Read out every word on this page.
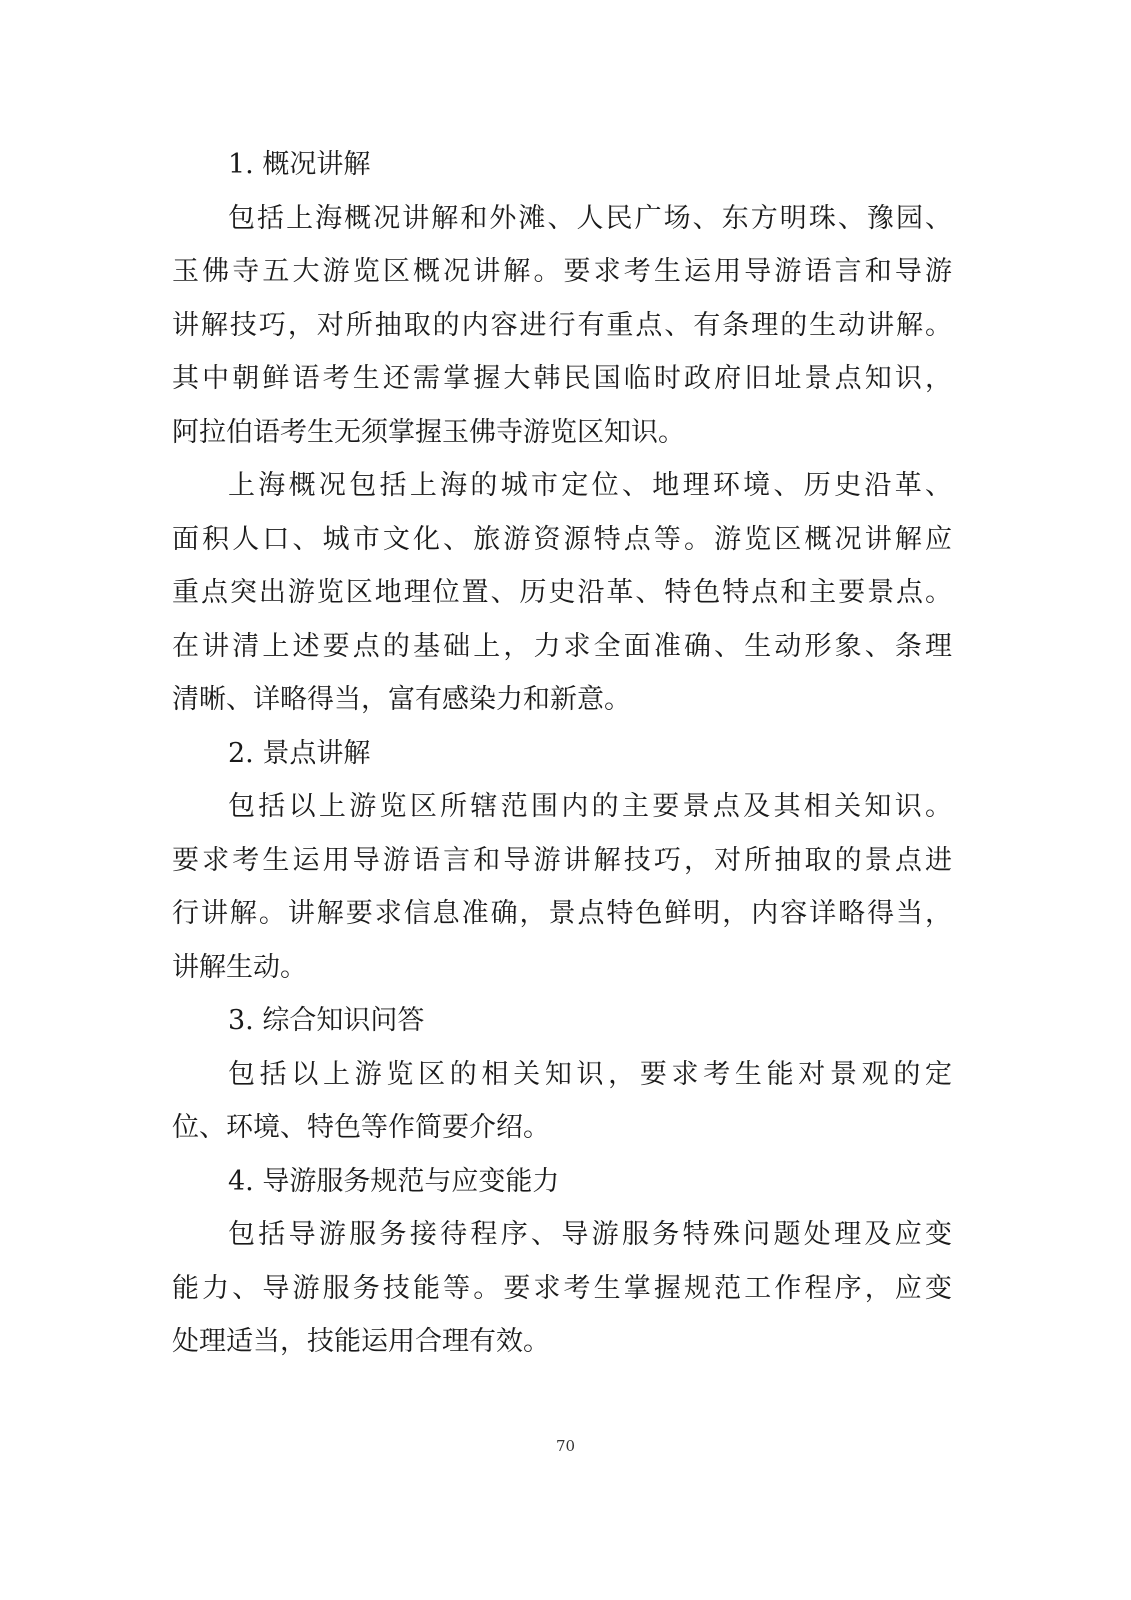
1. 概况讲解
包括上海概况讲解和外滩、人民广场、东方明珠、豫园、
玉佛寺五大游览区概况讲解。要求考生运用导游语言和导游
讲解技巧，对所抽取的内容进行有重点、有条理的生动讲解。
其中朝鲜语考生还需掌握大韩民国临时政府旧址景点知识，
阿拉伯语考生无须掌握玉佛寺游览区知识。
上海概况包括上海的城市定位、地理环境、历史沿革、
面积人口、城市文化、旅游资源特点等。游览区概况讲解应
重点突出游览区地理位置、历史沿革、特色特点和主要景点。
在讲清上述要点的基础上，力求全面准确、生动形象、条理
清晰、详略得当，富有感染力和新意。
2. 景点讲解
包括以上游览区所辖范围内的主要景点及其相关知识。
要求考生运用导游语言和导游讲解技巧，对所抽取的景点进
行讲解。讲解要求信息准确，景点特色鲜明，内容详略得当，
讲解生动。
3. 综合知识问答
包括以上游览区的相关知识，要求考生能对景观的定
位、环境、特色等作简要介绍。
4. 导游服务规范与应变能力
包括导游服务接待程序、导游服务特殊问题处理及应变
能力、导游服务技能等。要求考生掌握规范工作程序，应变
处理适当，技能运用合理有效。
70
